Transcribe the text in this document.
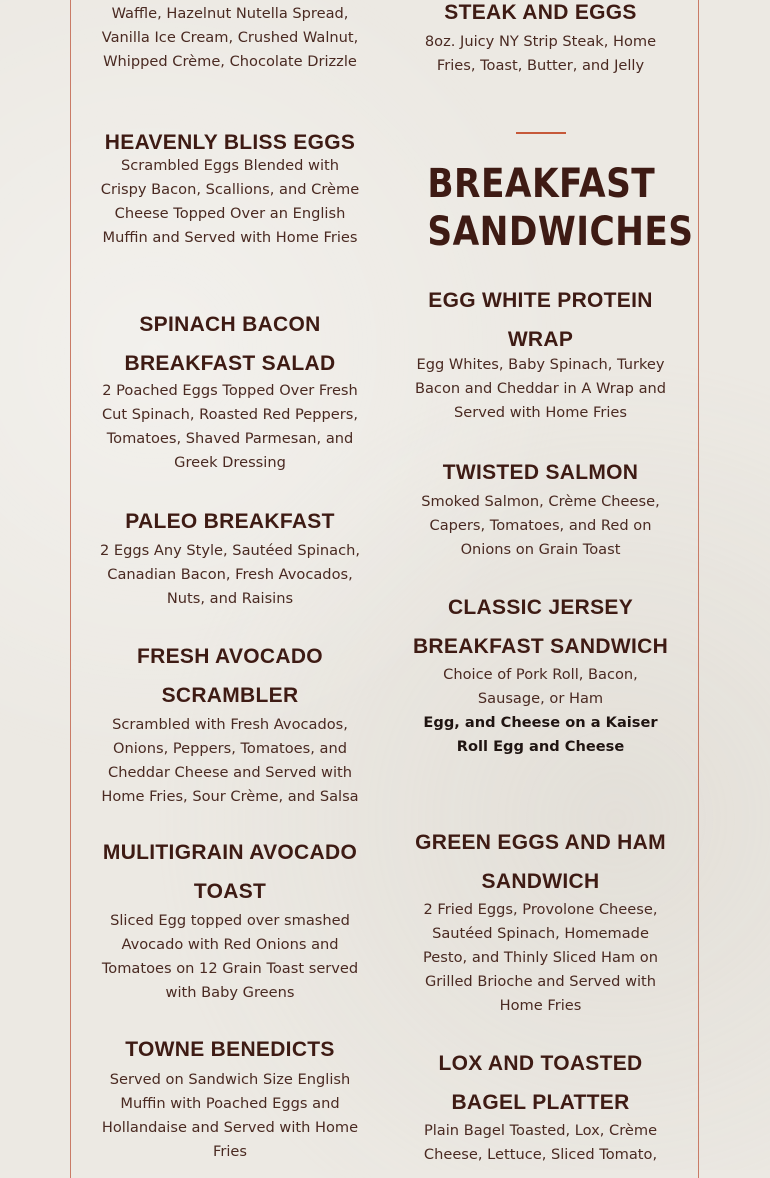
Waffle, Hazelnut Nutella Spread, Vanilla Ice Cream, Crushed Walnut, Whipped Crème, Chocolate Drizzle

HEAVENLY BLISS EGGS

Scrambled Eggs Blended with Crispy Bacon, Scallions, and Crème Cheese Topped Over an English Muffin and Served with Home Fries

SPINACH BACON BREAKFAST SALAD

2 Poached Eggs Topped Over Fresh Cut Spinach, Roasted Red Peppers, Tomatoes, Shaved Parmesan, and Greek Dressing

PALEO BREAKFAST

2 Eggs Any Style, Sautéed Spinach, Canadian Bacon, Fresh Avocados, Nuts, and Raisins

FRESH AVOCADO SCRAMBLER

Scrambled with Fresh Avocados, Onions, Peppers, Tomatoes, and Cheddar Cheese and Served with Home Fries, Sour Crème, and Salsa

MULITIGRAIN AVOCADO TOAST

Sliced Egg topped over smashed Avocado with Red Onions and Tomatoes on 12 Grain Toast served with Baby Greens

TOWNE BENEDICTS

Served on Sandwich Size English Muffin with Poached Eggs and Hollandaise and Served with Home Fries

STEAK AND EGGS

8oz. Juicy NY Strip Steak, Home Fries, Toast, Butter, and Jelly

BREAKFAST SANDWICHES

EGG WHITE PROTEIN WRAP

Egg Whites, Baby Spinach, Turkey Bacon and Cheddar in A Wrap and Served with Home Fries

TWISTED SALMON

Smoked Salmon, Crème Cheese, Capers, Tomatoes, and Red on Onions on Grain Toast

CLASSIC JERSEY BREAKFAST SANDWICH

Choice of Pork Roll, Bacon, Sausage, or Ham

Egg, and Cheese on a Kaiser Roll Egg and Cheese

GREEN EGGS AND HAM SANDWICH

2 Fried Eggs, Provolone Cheese, Sautéed Spinach, Homemade Pesto, and Thinly Sliced Ham on Grilled Brioche and Served with Home Fries

LOX AND TOASTED BAGEL PLATTER

Plain Bagel Toasted, Lox, Crème Cheese, Lettuce, Sliced Tomato,
